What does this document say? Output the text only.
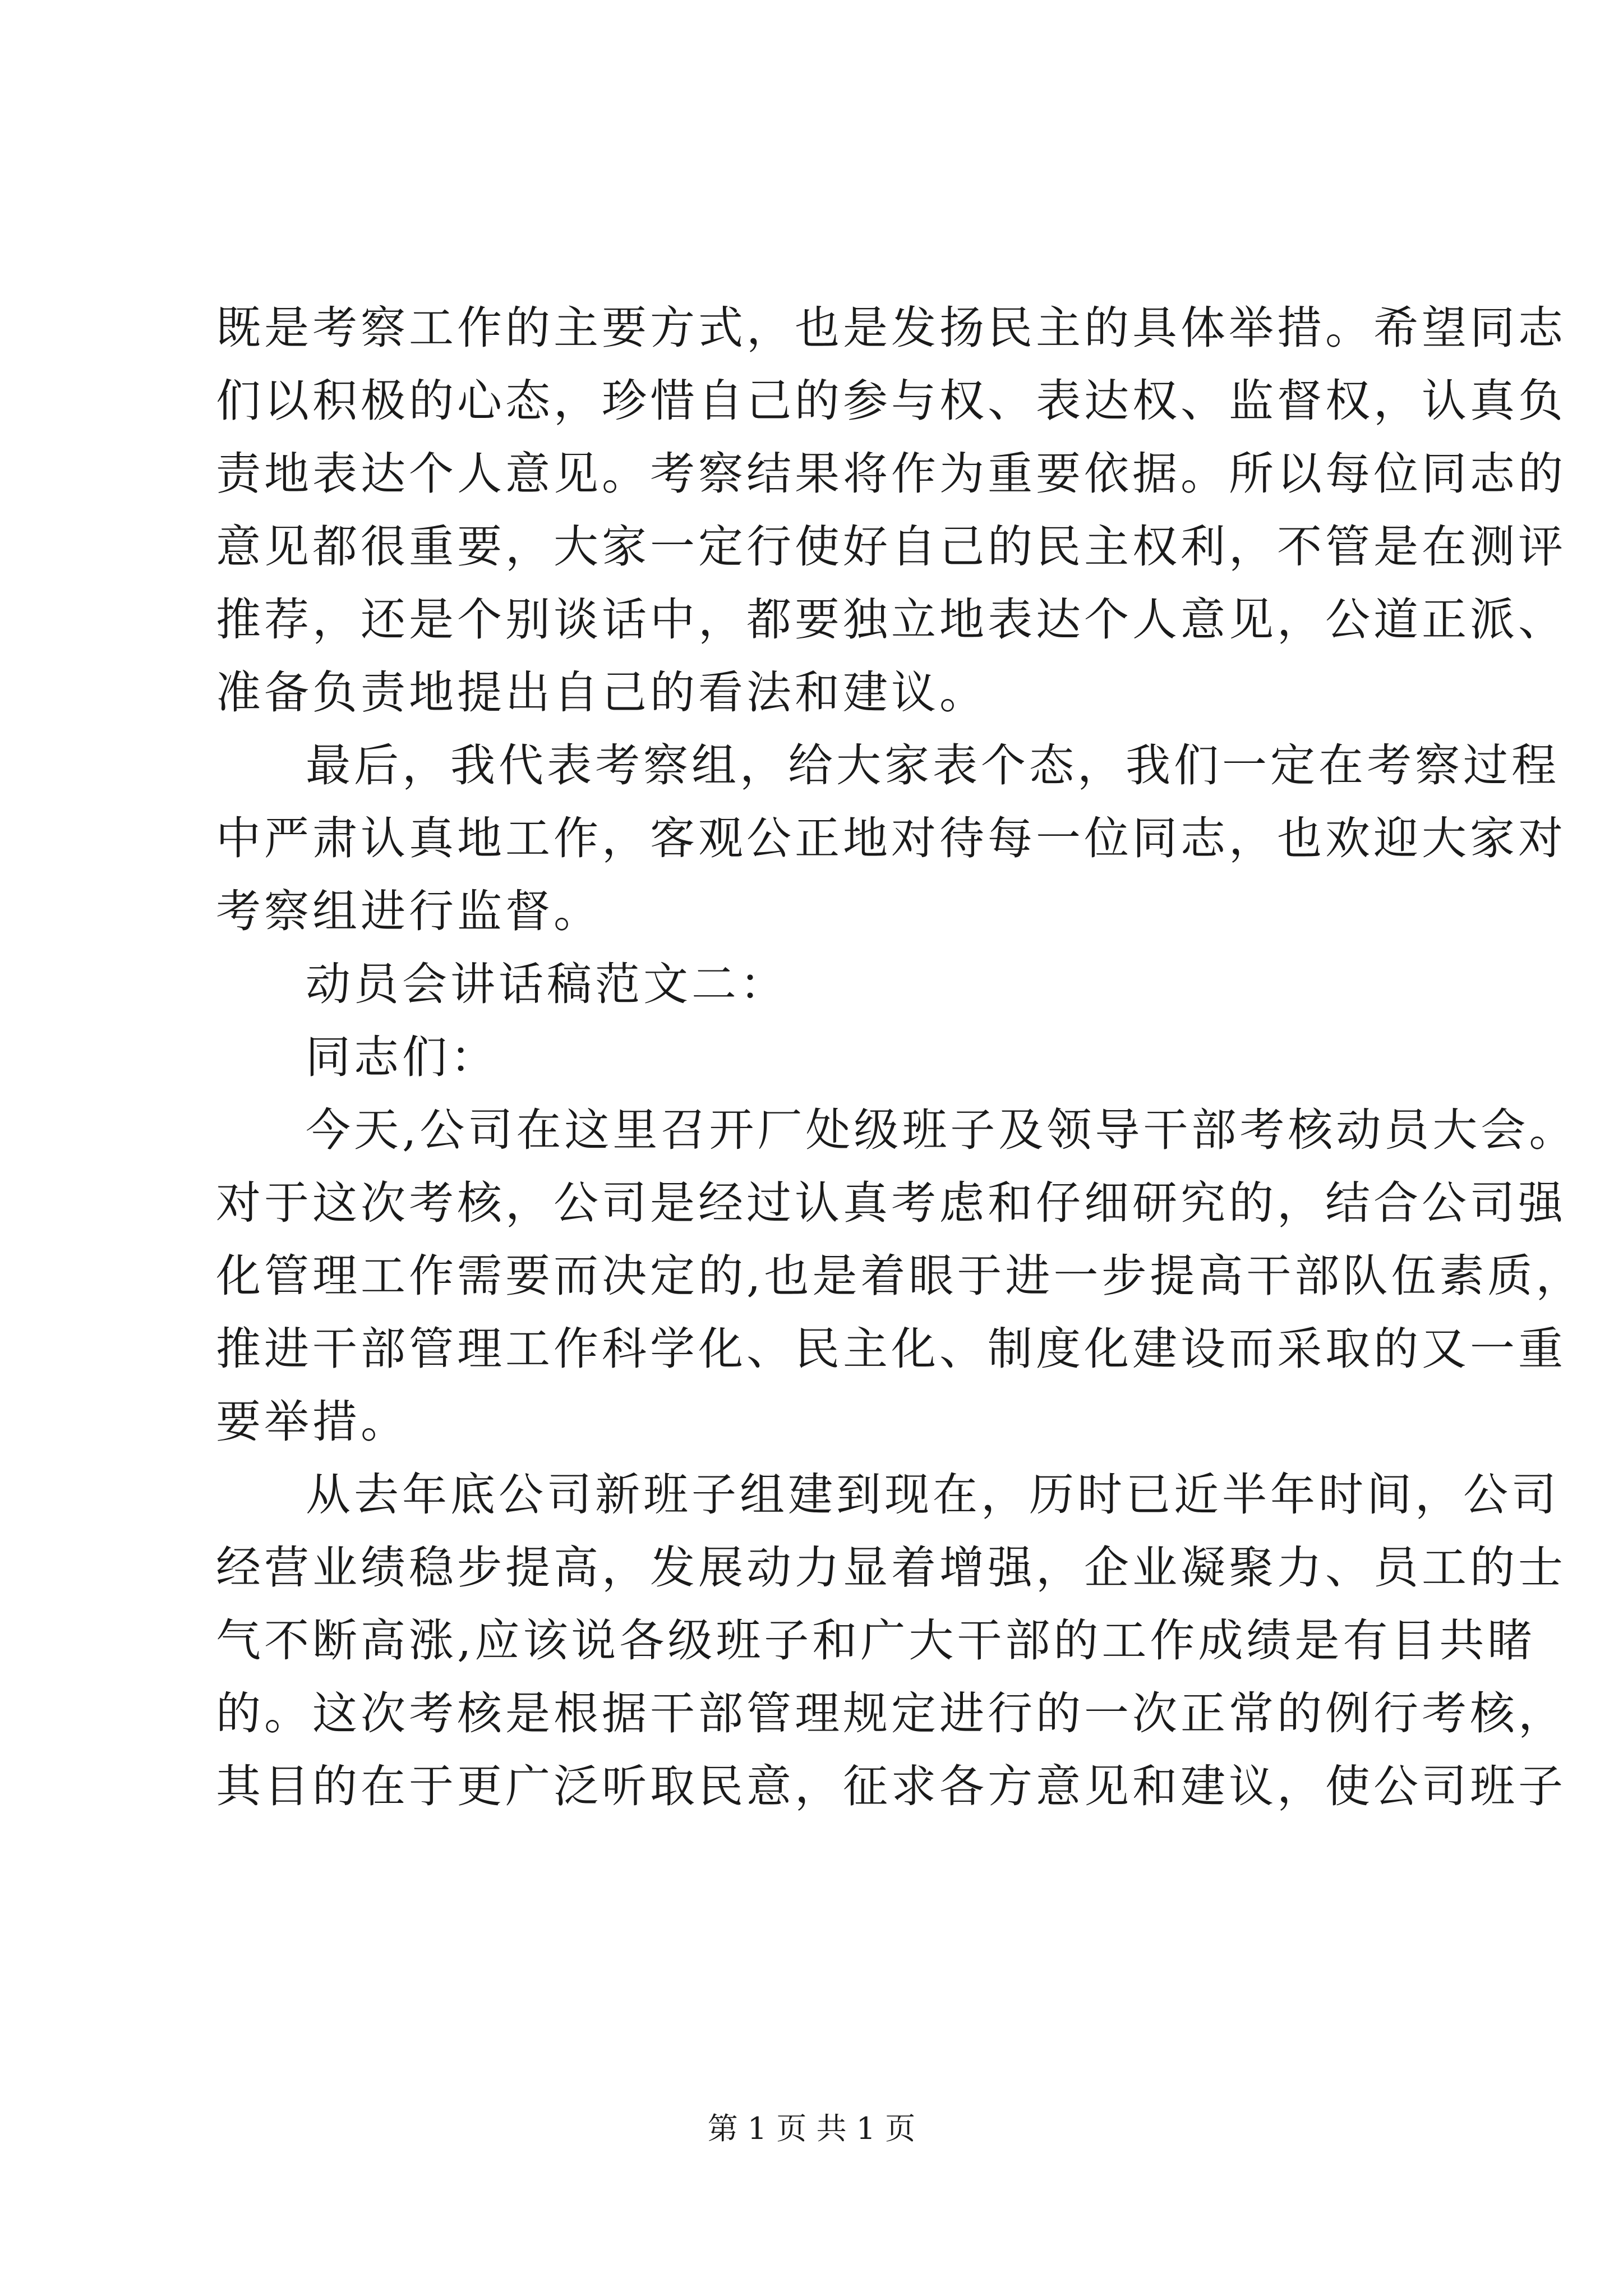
既是考察工作的主要方式，也是发扬民主的具体举措。希望同志
们以积极的心态，珍惜自己的参与权、表达权、监督权，认真负
责地表达个人意见。考察结果将作为重要依据。所以每位同志的
意见都很重要，大家一定行使好自己的民主权利，不管是在测评
推荐，还是个别谈话中，都要独立地表达个人意见，公道正派、
准备负责地提出自己的看法和建议。
最后，我代表考察组，给大家表个态，我们一定在考察过程
中严肃认真地工作，客观公正地对待每一位同志，也欢迎大家对
考察组进行监督。
动员会讲话稿范文二：
同志们：
今天,公司在这里召开厂处级班子及领导干部考核动员大会。
对于这次考核，公司是经过认真考虑和仔细研究的，结合公司强
化管理工作需要而决定的,也是着眼于进一步提高干部队伍素质，
推进干部管理工作科学化、民主化、制度化建设而采取的又一重
要举措。
从去年底公司新班子组建到现在，历时已近半年时间，公司
经营业绩稳步提高，发展动力显着增强，企业凝聚力、员工的士
气不断高涨,应该说各级班子和广大干部的工作成绩是有目共睹
的。这次考核是根据干部管理规定进行的一次正常的例行考核，
其目的在于更广泛听取民意，征求各方意见和建议，使公司班子
第 1 页 共 1 页
